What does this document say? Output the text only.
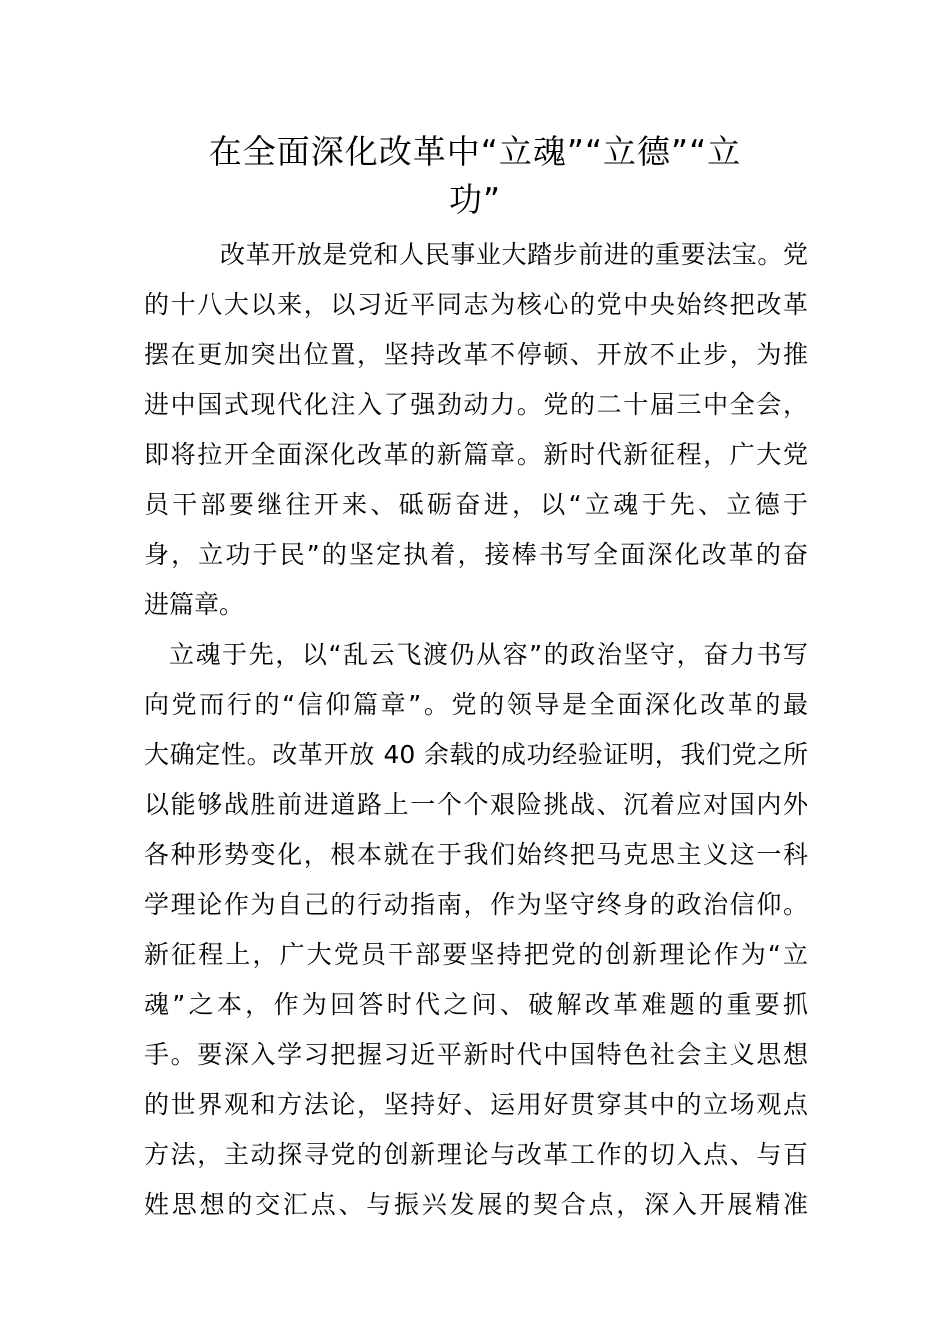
在全面深化改革中“立魂”“立德”“立
功”
改革开放是党和人民事业大踏步前进的重要法宝。党
的十八大以来，以习近平同志为核心的党中央始终把改革
摆在更加突出位置，坚持改革不停顿、开放不止步，为推
进中国式现代化注入了强劲动力。党的二十届三中全会，
即将拉开全面深化改革的新篇章。新时代新征程，广大党
员干部要继往开来、砥砺奋进，以“立魂于先、立德于
身，立功于民”的坚定执着，接棒书写全面深化改革的奋
进篇章。
立魂于先，以“乱云飞渡仍从容”的政治坚守，奋力书写
向党而行的“信仰篇章”。党的领导是全面深化改革的最
大确定性。改革开放 40 余载的成功经验证明，我们党之所
以能够战胜前进道路上一个个艰险挑战、沉着应对国内外
各种形势变化，根本就在于我们始终把马克思主义这一科
学理论作为自己的行动指南，作为坚守终身的政治信仰。
新征程上，广大党员干部要坚持把党的创新理论作为“立
魂”之本，作为回答时代之问、破解改革难题的重要抓
手。要深入学习把握习近平新时代中国特色社会主义思想
的世界观和方法论，坚持好、运用好贯穿其中的立场观点
方法，主动探寻党的创新理论与改革工作的切入点、与百
姓思想的交汇点、与振兴发展的契合点，深入开展精准
